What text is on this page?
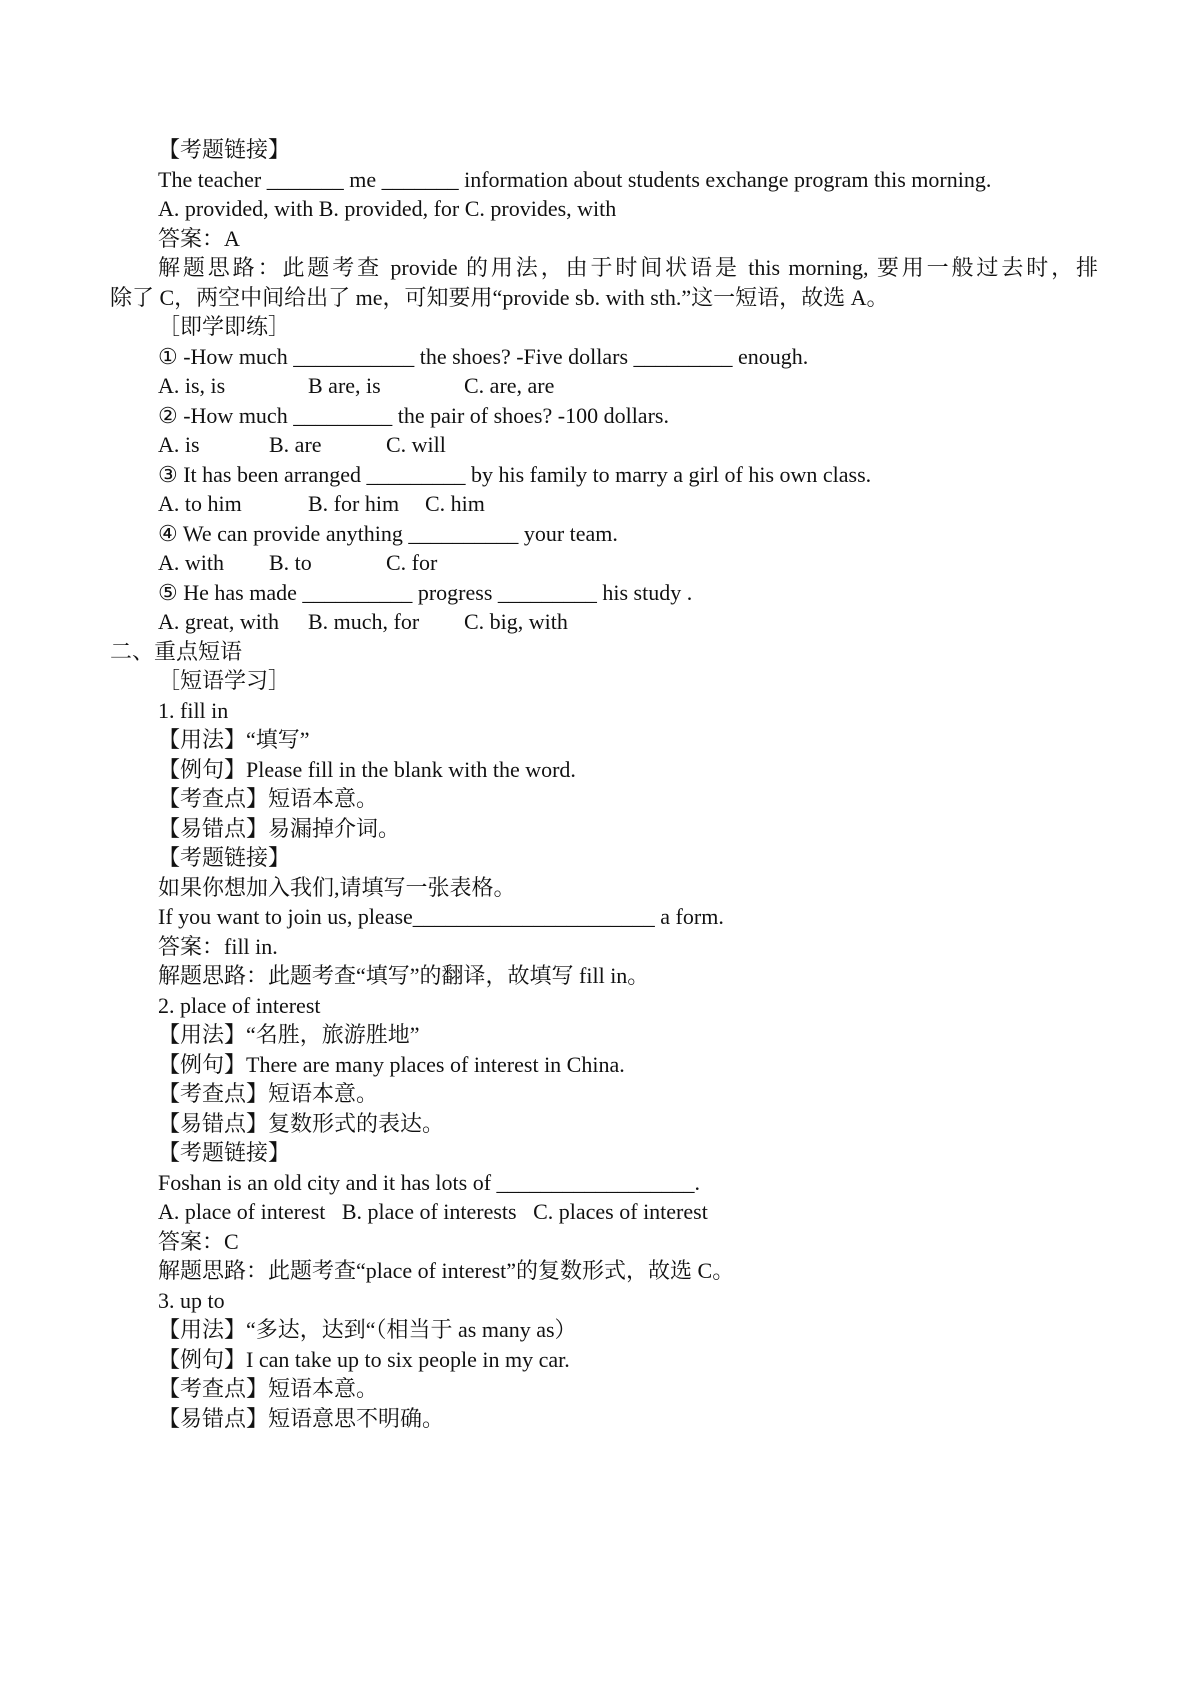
【考题链接】
The teacher _______ me _______ information about students exchange program this morning.
A. provided, with B. provided, for C. provides, with
答案：A
解题思路：此题考查 provide 的用法，由于时间状语是 this morning, 要用一般过去时，排
除了 C，两空中间给出了 me，可知要用“provide sb. with sth.”这一短语，故选 A。
［即学即练］
① -How much ___________ the shoes? -Five dollars _________ enough.

A. is, is

	B are, is

	C. are, are

② -How much _________ the pair of shoes? -100 dollars.

A. is

	B. are

	C. will

③ It has been arranged _________ by his family to marry a girl of his own class.

A. to him

	B. for him

C. him

④ We can provide anything __________ your team.

A. with

B. to

	C. for

⑤ He has made __________ progress _________ his study .

A. great, with

B. much, for

C. big, with

二、重点短语
［短语学习］
1. fill in
【用法】“填写”
【例句】Please fill in the blank with the word.
【考查点】短语本意。
【易错点】易漏掉介词。
【考题链接】
如果你想加入我们,请填写一张表格。
If you want to join us, please______________________ a form.
答案：fill in.
解题思路：此题考查“填写”的翻译，故填写 fill in。
2. place of interest
【用法】“名胜，旅游胜地”
【例句】There are many places of interest in China.
【考查点】短语本意。
【易错点】复数形式的表达。
【考题链接】
Foshan is an old city and it has lots of __________________.
A. place of interest   B. place of interests   C. places of interest
答案：C
解题思路：此题考查“place of interest”的复数形式，故选 C。
3. up to
【用法】“多达，达到“（相当于 as many as）
【例句】I can take up to six people in my car.
【考查点】短语本意。
【易错点】短语意思不明确。
